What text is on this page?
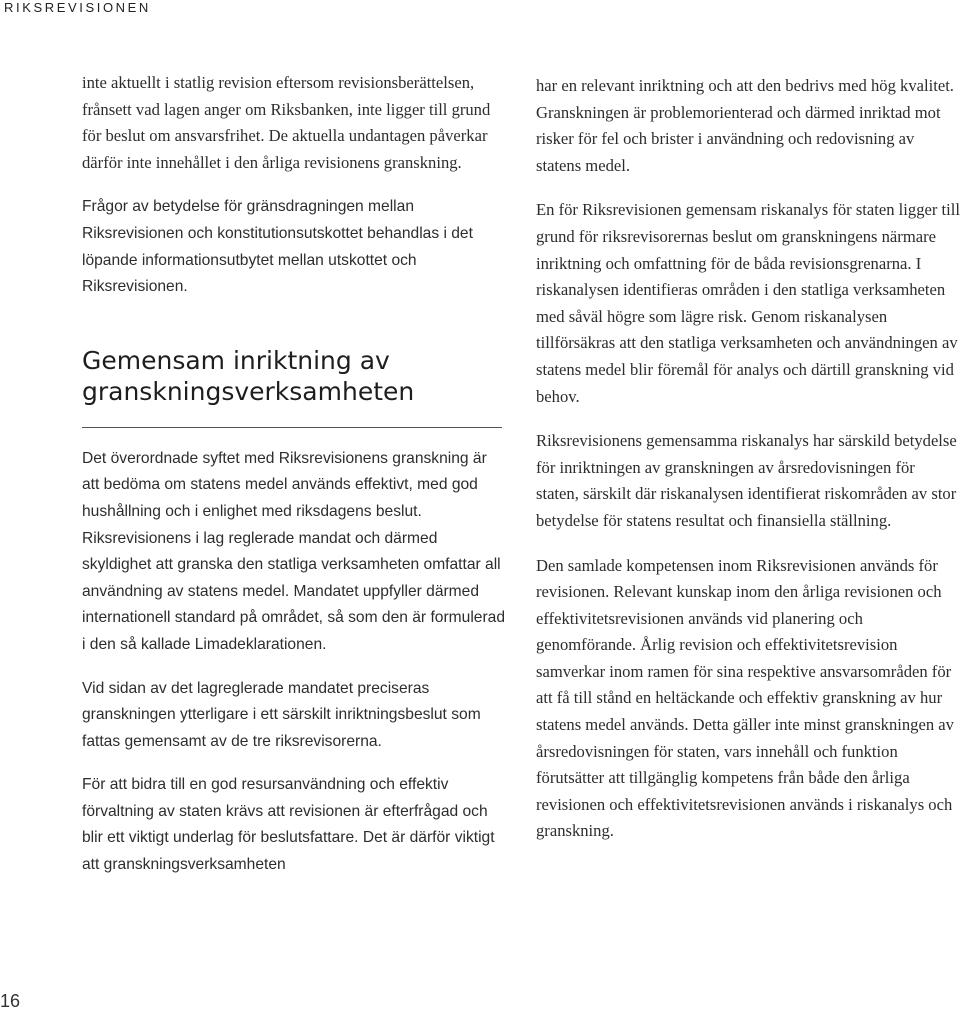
RIKSREVISIONEN

inte aktuellt i statlig revision eftersom revisionsberättelsen, frånsett vad lagen anger om Riksbanken, inte ligger till grund för beslut om ansvarsfrihet. De aktuella undantagen påverkar därför inte innehållet i den årliga revisionens granskning.

Frågor av betydelse för gränsdragningen mellan Riksrevisionen och konstitutionsutskottet behandlas i det löpande informationsutbytet mellan utskottet och Riksrevisionen.

Gemensam inriktning av granskningsverksamheten

Det överordnade syftet med Riksrevisionens granskning är att bedöma om statens medel används effektivt, med god hushållning och i enlighet med riksdagens beslut. Riksrevisionens i lag reglerade mandat och därmed skyldighet att granska den statliga verksamheten omfattar all användning av statens medel. Mandatet uppfyller därmed internationell standard på området, så som den är formulerad i den så kallade Limadeklarationen.

Vid sidan av det lagreglerade mandatet preciseras granskningen ytterligare i ett särskilt inriktningsbeslut som fattas gemensamt av de tre riksrevisorerna.

För att bidra till en god resursanvändning och effektiv förvaltning av staten krävs att revisionen är efterfrågad och blir ett viktigt underlag för beslutsfattare. Det är därför viktigt att granskningsverksamheten

har en relevant inriktning och att den bedrivs med hög kvalitet. Granskningen är problemorienterad och därmed inriktad mot risker för fel och brister i användning och redovisning av statens medel.

En för Riksrevisionen gemensam riskanalys för staten ligger till grund för riksrevisorernas beslut om granskningens närmare inriktning och omfattning för de båda revisionsgrenarna. I riskanalysen identifieras områden i den statliga verksamheten med såväl högre som lägre risk. Genom riskanalysen tillförsäkras att den statliga verksamheten och användningen av statens medel blir föremål för analys och därtill granskning vid behov.

Riksrevisionens gemensamma riskanalys har särskild betydelse för inriktningen av granskningen av årsredovisningen för staten, särskilt där riskanalysen identifierat riskområden av stor betydelse för statens resultat och finansiella ställning.

Den samlade kompetensen inom Riksrevisionen används för revisionen. Relevant kunskap inom den årliga revisionen och effektivitetsrevisionen används vid planering och genomförande. Årlig revision och effektivitetsrevision samverkar inom ramen för sina respektive ansvarsområden för att få till stånd en heltäckande och effektiv granskning av hur statens medel används. Detta gäller inte minst granskningen av årsredovisningen för staten, vars innehåll och funktion förutsätter att tillgänglig kompetens från både den årliga revisionen och effektivitetsrevisionen används i riskanalys och granskning.

16
